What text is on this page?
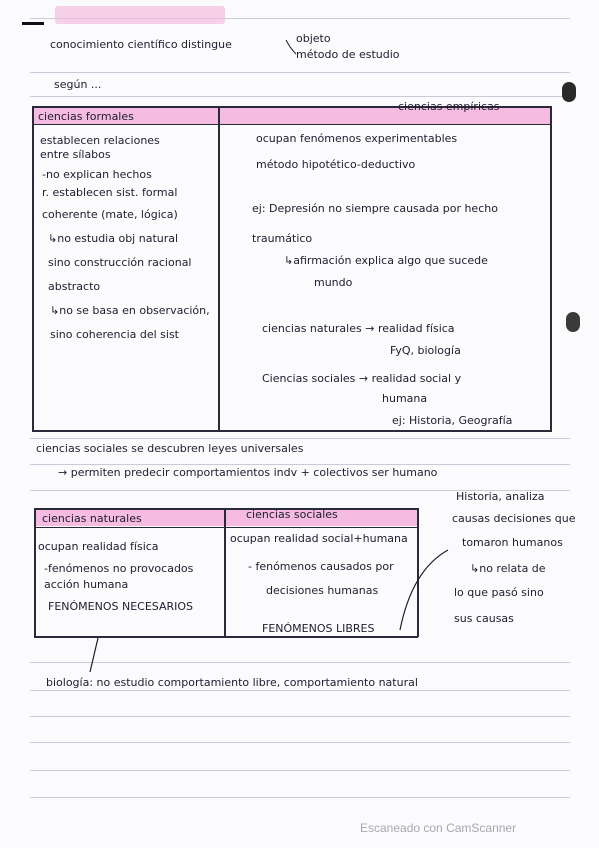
conocimiento científico distingue	objeto
método de estudio
según ...
ciencias formales
ciencias empíricas
establecen relaciones
entre sílabos
-no explican hechos
r. establecen sist. formal
coherente (mate, lógica)
↳no estudia obj natural
sino construcción racional
abstracto
↳no se basa en observación,
sino coherencia del sist
ocupan fenómenos experimentables
método hipotético-deductivo
ej: Depresión no siempre causada por hecho
traumático
↳afirmación explica algo que sucede
mundo
ciencias naturales → realidad física
FyQ, biología
Ciencias sociales → realidad social y
humana
ej: Historia, Geografía
ciencias sociales se descubren leyes universales
→ permiten predecir comportamientos indv + colectivos ser humano
ciencias naturales	ciencias sociales
ocupan realidad física
-fenómenos no provocados
acción humana
FENÓMENOS NECESARIOS
ocupan realidad social+humana
- fenómenos causados por
decisiones humanas
FENÓMENOS LIBRES
Historia, analiza
causas decisiones que
tomaron humanos
↳no relata de
lo que pasó sino
sus causas
biología: no estudio comportamiento libre, comportamiento natural
Escaneado con CamScanner
